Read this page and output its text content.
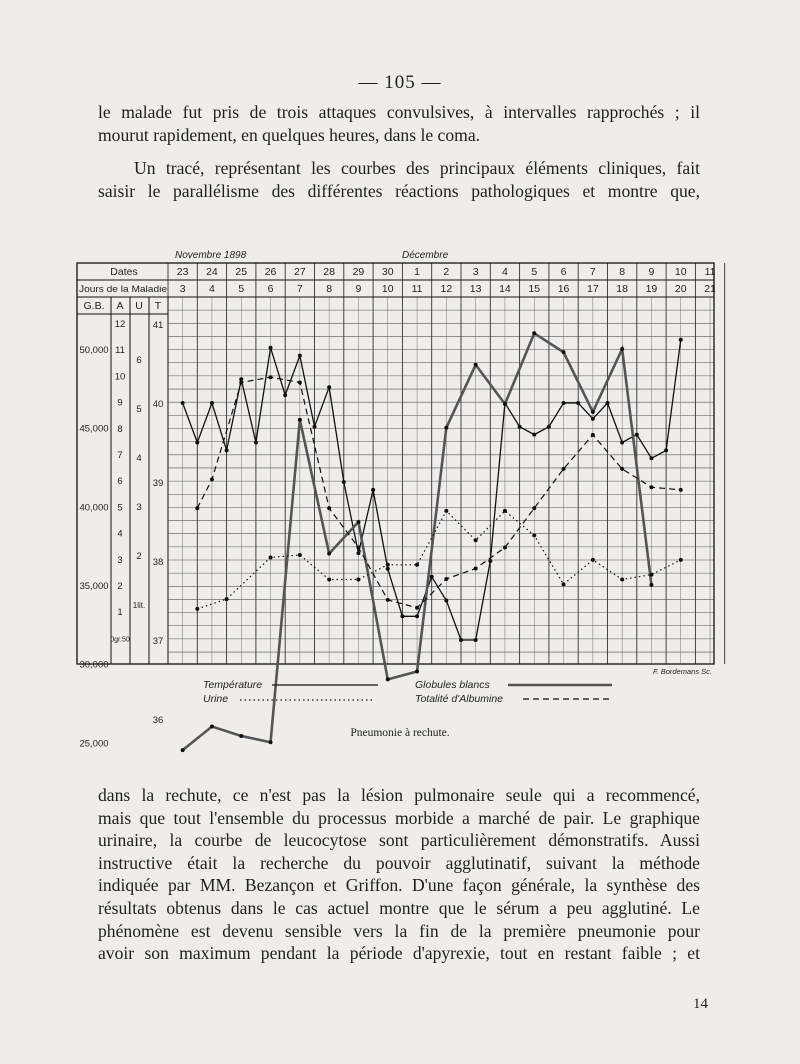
— 105 —
le malade fut pris de trois attaques convulsives, à intervalles rapprochés ; il
mourut rapidement, en quelques heures, dans le coma.
Un tracé, représentant les courbes des principaux éléments cliniques, fait
saisir le parallélisme des différentes réactions pathologiques et montre que,
Novembre 1898	Décembre
Dates
Jours de la Maladie
23 24 25 26 27 28 29 30 1 2 3 4 5 6 7 8 9 10 11
3 4 5 6 7 8 9 10 11 12 13 14 15 16 17 18 19 20 21
G.B. A U T
50,000
45,000
40,000
35,000
30,000
25,000
12
11
10
9
8
7
6
5
4
3
2
1
0gr.50
6
5
4
3
2
1lit.
41
40
39
38
37
36
F. Bordemans Sc.
Température	Globules blancs
Urine	Totalité d'Albumine
Pneumonie à rechute.
dans la rechute, ce n'est pas la lésion pulmonaire seule qui a recommencé,
mais que tout l'ensemble du processus morbide a marché de pair. Le graphique
urinaire, la courbe de leucocytose sont particulièrement démonstratifs. Aussi
instructive était la recherche du pouvoir agglutinatif, suivant la méthode
indiquée par MM. Bezançon et Griffon. D'une façon générale, la synthèse des
résultats obtenus dans le cas actuel montre que le sérum a peu agglutiné. Le
phénomène est devenu sensible vers la fin de la première pneumonie pour
avoir son maximum pendant la période d'apyrexie, tout en restant faible ; et
14
